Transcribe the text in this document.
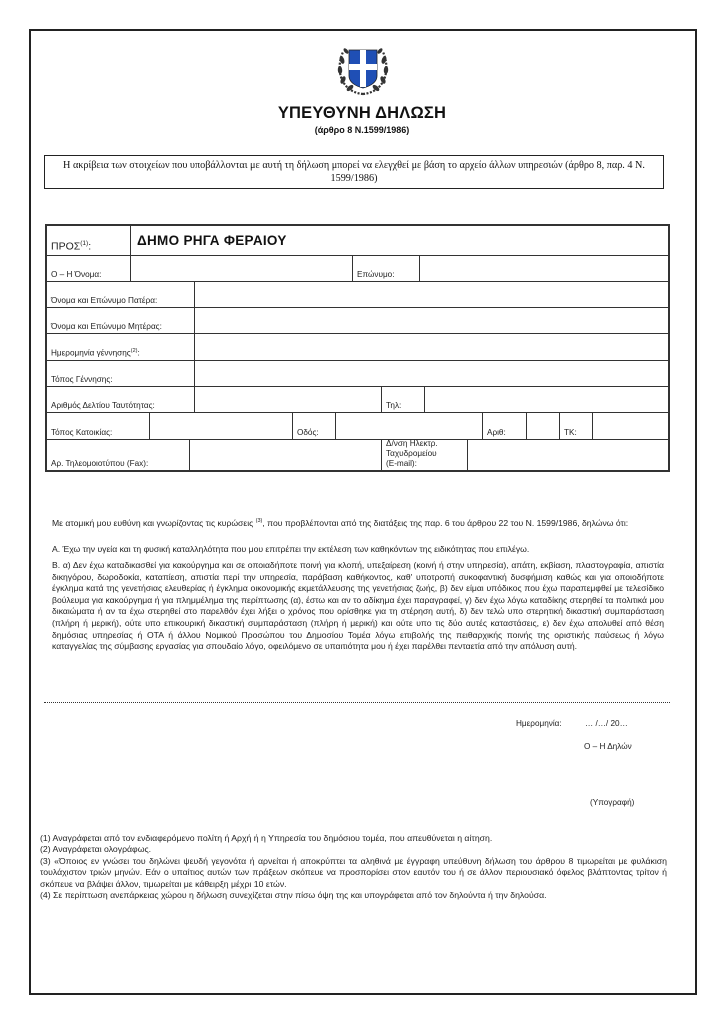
ΥΠΕΥΘΥΝΗ ΔΗΛΩΣΗ
(άρθρο 8 Ν.1599/1986)
Η ακρίβεια των στοιχείων που υποβάλλονται με αυτή τη δήλωση μπορεί να ελεγχθεί με βάση το αρχείο άλλων υπηρεσιών (άρθρο 8, παρ. 4 Ν. 1599/1986)
ΠΡΟΣ$^{(1)}$:	ΔΗΜΟ ΡΗΓΑ ΦΕΡΑΙΟΥ
Ο – Η Όνομα:	Επώνυμο:
Όνομα και Επώνυμο Πατέρα:
Όνομα και Επώνυμο Μητέρας:
Ημερομηνία γέννησης$^{(2)}$:
Τόπος Γέννησης:
Αριθμός Δελτίου Ταυτότητας:	Τηλ:
Τόπος Κατοικίας:	Οδός:	Αριθ:	ΤΚ:
Αρ. Τηλεομοιοτύπου (Fax):
Δ/νση Ηλεκτρ.
Ταχυδρομείου
(E-mail):
Με ατομική μου ευθύνη και γνωρίζοντας τις κυρώσεις $^{(3)}$, που προβλέπονται από της διατάξεις της παρ. 6 του άρθρου 22 του Ν. 1599/1986, δηλώνω ότι:
Α. Έχω την υγεία και τη φυσική καταλληλότητα που μου επιτρέπει την εκτέλεση των καθηκόντων της ειδικότητας που επιλέγω.
Β. α) Δεν έχω καταδικασθεί για κακούργημα και σε οποιαδήποτε ποινή για κλοπή, υπεξαίρεση (κοινή ή στην υπηρεσία), απάτη, εκβίαση, πλαστογραφία, απιστία δικηγόρου, δωροδοκία, καταπίεση, απιστία περί την υπηρεσία, παράβαση καθήκοντος, καθ' υποτροπή συκοφαντική δυσφήμιση καθώς και για οποιοδήποτε έγκλημα κατά της γενετήσιας ελευθερίας ή έγκλημα οικονομικής εκμετάλλευσης της γενετήσιας ζωής, β) δεν είμαι υπόδικος που έχω παραπεμφθεί με τελεσίδικο βούλευμα για κακούργημα ή για πλημμέλημα της περίπτωσης (α), έστω και αν το αδίκημα έχει παραγραφεί, γ) δεν έχω λόγω καταδίκης στερηθεί τα πολιτικά μου δικαιώματα ή αν τα έχω στερηθεί στο παρελθόν έχει λήξει ο χρόνος που ορίσθηκε για τη στέρηση αυτή, δ) δεν τελώ υπο στερητική δικαστική συμπαράσταση (πλήρη ή μερική), ούτε υπο επικουρική δικαστική συμπαράσταση (πλήρη ή μερική) και ούτε υπο τις δύο αυτές καταστάσεις, ε) δεν έχω απολυθεί από θέση δημόσιας υπηρεσίας ή ΟΤΑ ή άλλου Νομικού Προσώπου του Δημοσίου Τομέα λόγω επιβολής της πειθαρχικής ποινής της οριστικής παύσεως ή λόγω καταγγελίας της σύμβασης εργασίας για σπουδαίο λόγο, οφειλόμενο σε υπαιτιότητα μου ή έχει παρέλθει πενταετία από την απόλυση αυτή.
Ημερομηνία:	… /…/ 20…
Ο – Η Δηλών
(Υπογραφή)

(1) Αναγράφεται από τον ενδιαφερόμενο πολίτη ή Αρχή ή η Υπηρεσία του δημόσιου τομέα, που απευθύνεται η αίτηση.

(2) Αναγράφεται ολογράφως.

(3) «Όποιος εν γνώσει του δηλώνει ψευδή γεγονότα ή αρνείται ή αποκρύπτει τα αληθινά με έγγραφη υπεύθυνη δήλωση του άρθρου 8 τιμωρείται με φυλάκιση τουλάχιστον τριών μηνών. Εάν ο υπαίτιος αυτών των πράξεων σκόπευε να προσπορίσει στον εαυτόν του ή σε άλλον περιουσιακό όφελος βλάπτοντας τρίτον ή σκόπευε να βλάψει άλλον, τιμωρείται με κάθειρξη μέχρι 10 ετών.

(4) Σε περίπτωση ανεπάρκειας χώρου η δήλωση συνεχίζεται στην πίσω όψη της και υπογράφεται από τον δηλούντα ή την δηλούσα.
